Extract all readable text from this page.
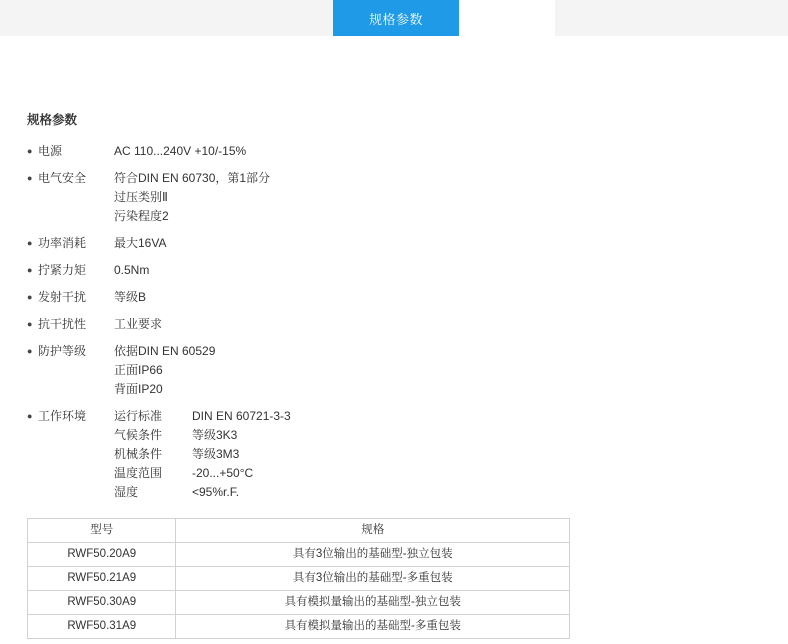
规格参数
规格参数
● 电源	AC 110...240V +10/-15%
● 电气安全	符合DIN EN 60730，第1部分
过压类别Ⅱ
污染程度2
● 功率消耗	最大16VA
● 拧紧力矩	0.5Nm
● 发射干扰	等级B
● 抗干扰性	工业要求
● 防护等级	依据DIN EN 60529
正面IP66
背面IP20
● 工作环境	运行标准	DIN EN 60721-3-3
气候条件	等级3K3
机械条件	等级3M3
温度范围	-20...+50°C
湿度	<95%r.F.
型号	规格
RWF50.20A9	具有3位输出的基础型-独立包装
RWF50.21A9	具有3位输出的基础型-多重包装
RWF50.30A9	具有模拟量输出的基础型-独立包装
RWF50.31A9	具有模拟量输出的基础型-多重包装
